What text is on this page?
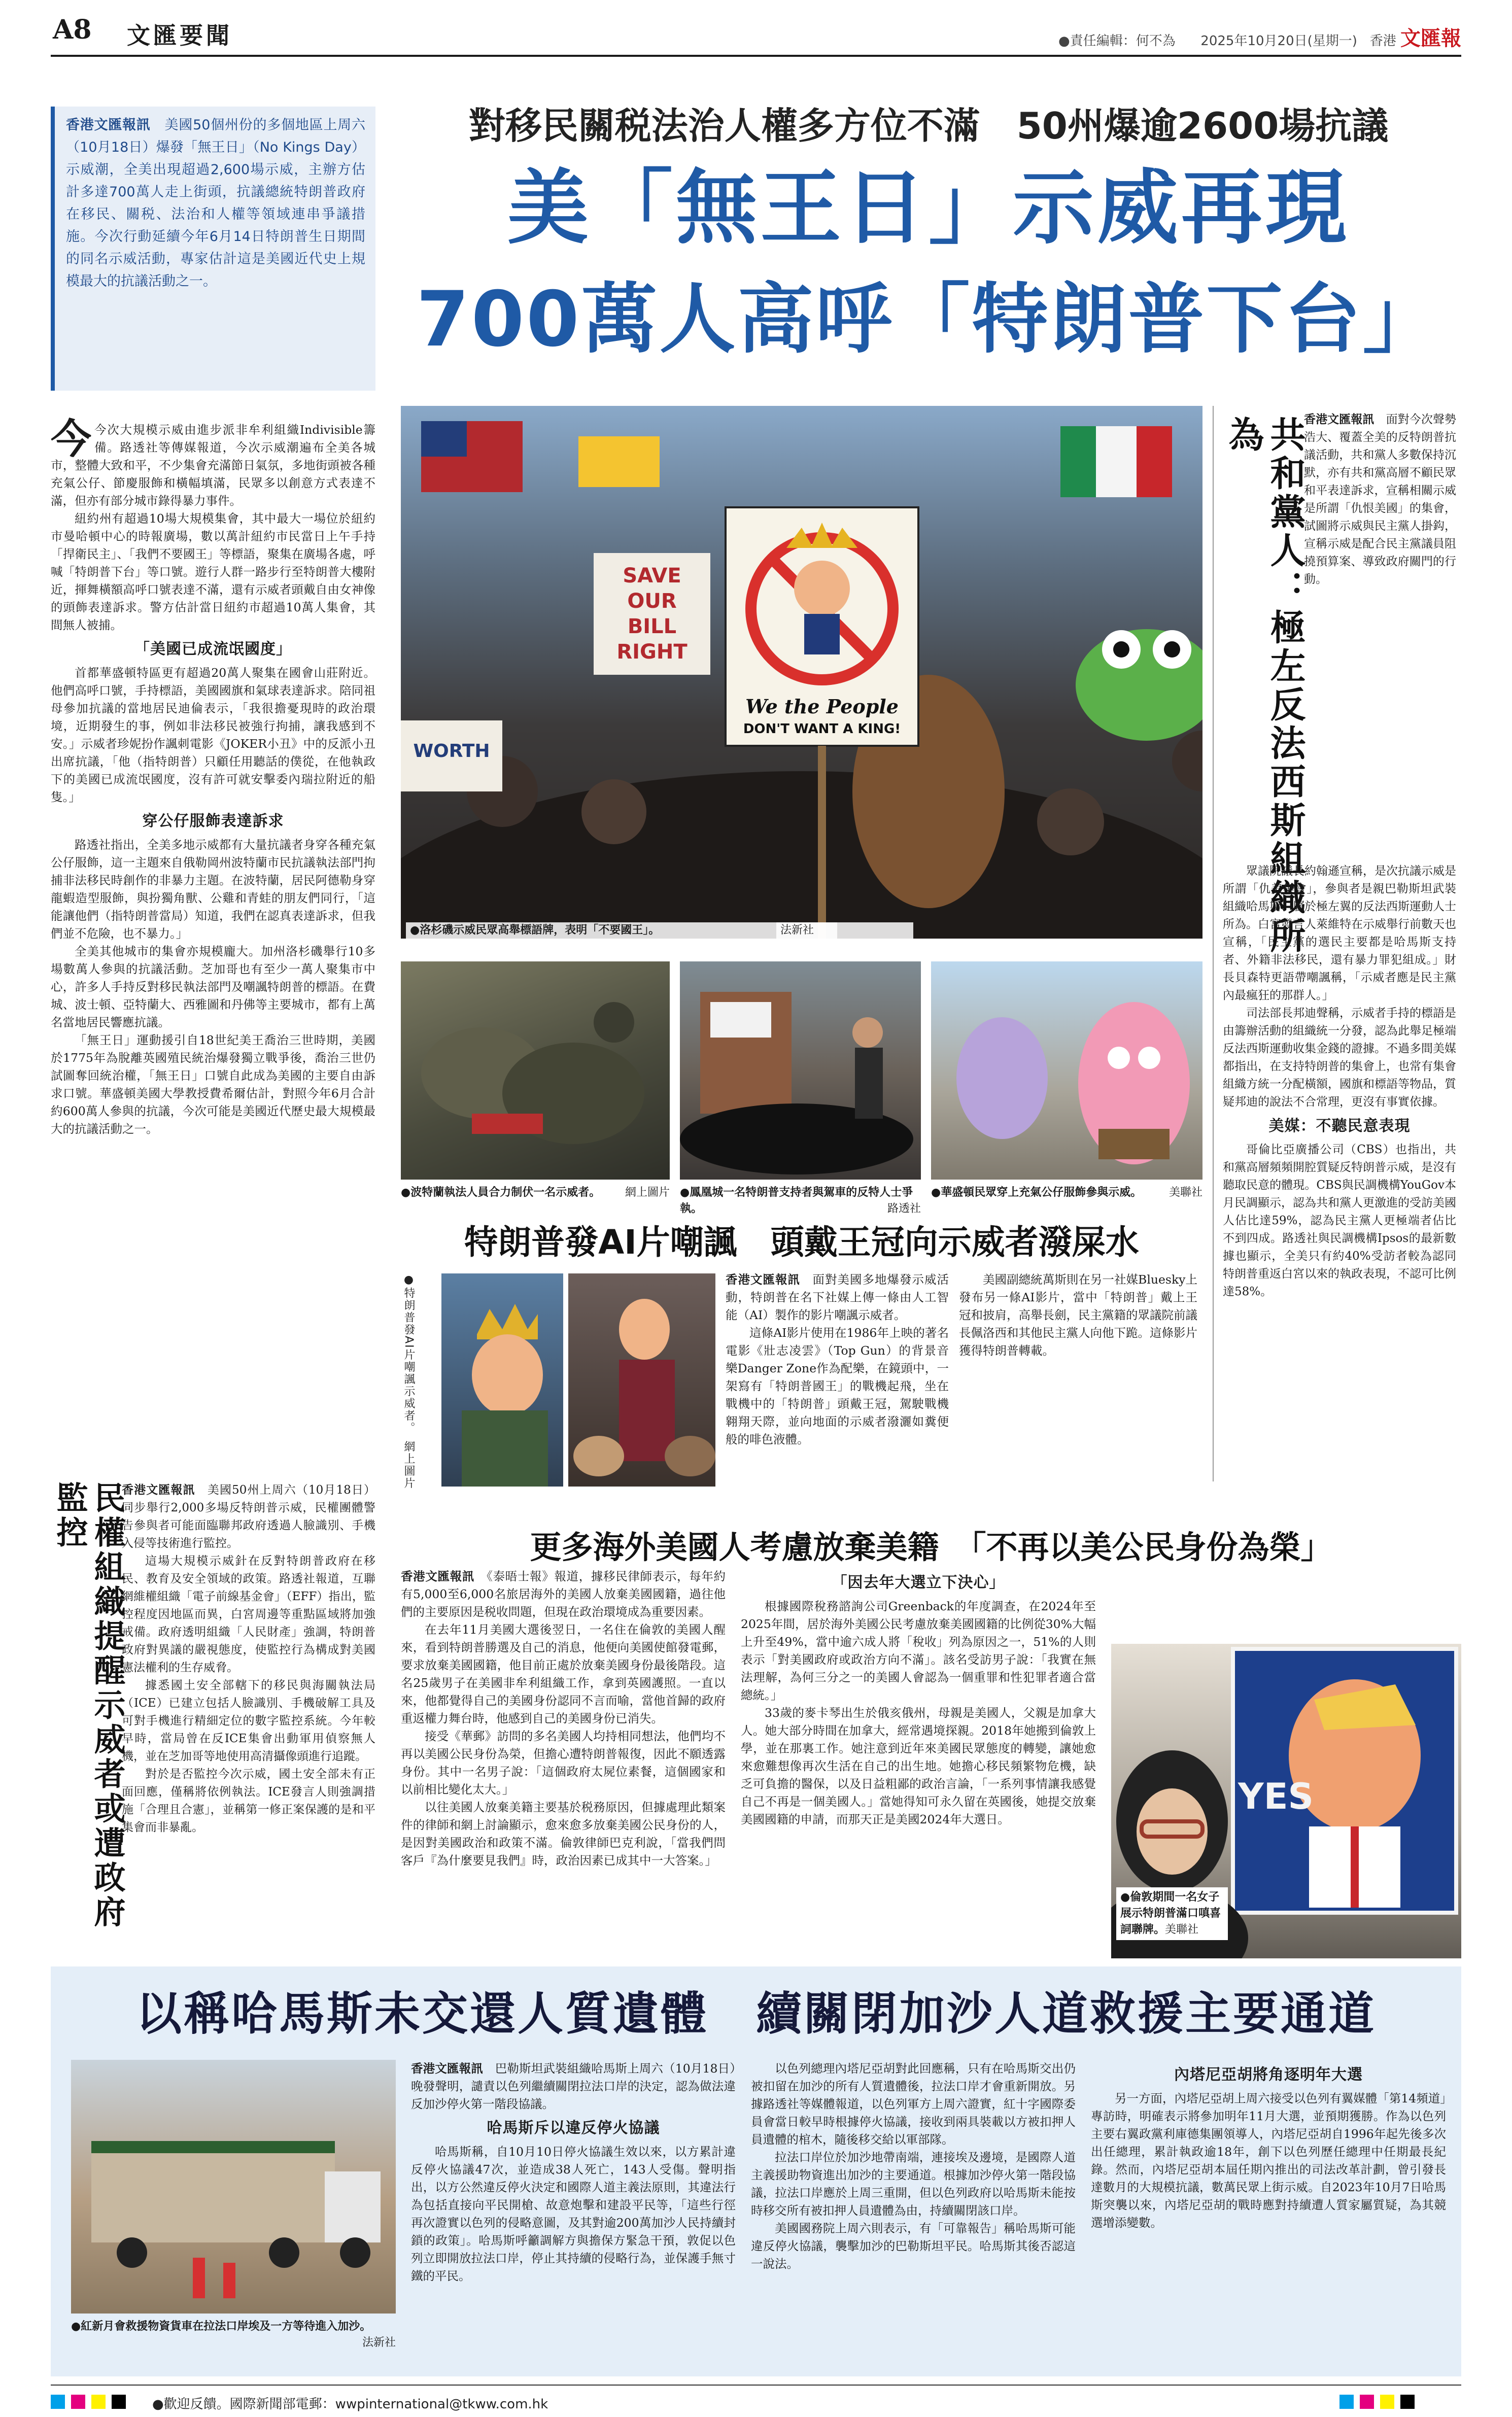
A8 文匯要聞	●責任編輯：何不為 2025年10月20日(星期一) 香港 文匯報
對移民關税法治人權多方位不滿　50州爆逾2600場抗議
美「無王日」示威再現
700萬人高呼「特朗普下台」

香港文匯報訊　 美國50個州份的多個地區上周六（10月18日）爆發「無王日」（No Kings Day）示威潮，全美出現超過2,600場示威，主辦方估計多達700萬人走上街頭，抗議總統特朗普政府在移民、關税、法治和人權等領域連串爭議措施。今次行動延續今年6月14日特朗普生日期間的同名示威活動，專家估計這是美國近代史上規模最大的抗議活動之一。

今今次大規模示威由進步派非牟利組織Indivisible籌備。路透社等傳媒報道，今次示威潮遍布全美各城市，整體大致和平，不少集會充滿節日氣氛，多地街頭被各種充氣公仔、節慶服飾和橫幅填滿，民眾多以創意方式表達不滿，但亦有部分城市錄得暴力事件。

紐約州有超過10場大規模集會，其中最大一場位於紐約市曼哈頓中心的時報廣場，數以萬計紐約市民當日上午手持「捍衛民主」、「我們不要國王」等標語，聚集在廣場各處，呼喊「特朗普下台」等口號。遊行人群一路步行至特朗普大樓附近，揮舞橫額高呼口號表達不滿，還有示威者頭戴自由女神像的頭飾表達訴求。警方估計當日紐約市超過10萬人集會，其間無人被捕。

「美國已成流氓國度」

首都華盛頓特區更有超過20萬人聚集在國會山莊附近。他們高呼口號，手持標語，美國國旗和氣球表達訴求。陪同祖母參加抗議的當地居民迪倫表示，「我很擔憂現時的政治環境，近期發生的事，例如非法移民被強行拘捕，讓我感到不安。」示威者珍妮扮作諷刺電影《JOKER小丑》中的反派小丑出席抗議，「他（指特朗普）只顧任用聽話的僕從，在他執政下的美國已成流氓國度，沒有許可就安擊委內瑞拉附近的船隻。」

穿公仔服飾表達訴求

路透社指出，全美多地示威都有大量抗議者身穿各種充氣公仔服飾，這一主題來自俄勒岡州波特蘭市民抗議執法部門拘捕非法移民時創作的非暴力主題。在波特蘭，居民阿德勒身穿龍蝦造型服飾，與扮獨角獸、公雞和青蛙的朋友們同行，「這能讓他們（指特朗普當局）知道，我們在認真表達訴求，但我們並不危險，也不暴力。」

全美其他城市的集會亦規模龐大。加州洛杉磯舉行10多場數萬人參與的抗議活動。芝加哥也有至少一萬人聚集市中心，許多人手持反對移民執法部門及嘲諷特朗普的標語。在費城、波士頓、亞特蘭大、西雅圖和丹佛等主要城市，都有上萬名當地居民響應抗議。

「無王日」運動援引自18世紀美王喬治三世時期，美國於1775年為脫離英國殖民統治爆發獨立戰爭後，喬治三世仍試圖奪回統治權，「無王日」口號自此成為美國的主要自由訴求口號。華盛頓美國大學教授費希爾估計，對照今年6月合計約600萬人參與的抗議，今次可能是美國近代歷史最大規模最大的抗議活動之一。

SAVE OUR BILL RIGHT
WORTH
We the People
DON'T WANT A KING!
●洛杉磯示威民眾高舉標語牌，表明「不要國王」。	法新社
●波特蘭執法人員合力制伏一名示威者。 網上圖片 ●鳳凰城一名特朗普支持者與駕車的反特人士爭執。	路透社
●華盛頓民眾穿上充氣公仔服飾參與示威。 美聯社
共和黨人：極左反法西斯組織所為	香港文匯報訊　 面對今次聲勢浩大、覆蓋全美的反特朗普抗議活動，共和黨人多數保持沉默，亦有共和黨高層不顧民眾和平表達訴求，宣稱相關示威是所謂「仇恨美國」的集會，試圖將示威與民主黨人掛鈎，宣稱示威是配合民主黨議員阻撓預算案、導致政府關門的行動。

眾議院議長約翰遜宣稱，是次抗議示威是所謂「仇美集會」，參與者是親巴勒斯坦武裝組織哈馬斯、屬於極左翼的反法西斯運動人士所為。白宮發言人萊維特在示威舉行前數天也宣稱，「民主黨的選民主要都是哈馬斯支持者、外籍非法移民，還有暴力罪犯組成。」財長貝森特更語帶嘲諷稱，「示威者應是民主黨內最瘋狂的那群人。」

司法部長邦迪聲稱，示威者手持的標語是由籌辦活動的組織統一分發，認為此舉足極端反法西斯運動收集金錢的證據。不過多間美媒都指出，在支持特朗普的集會上，也常有集會組織方統一分配橫額，國旗和標語等物品，質疑邦迪的說法不合常理，更沒有事實依據。

美媒：不聽民意表現

哥倫比亞廣播公司（CBS）也指出，共和黨高層頻頻開腔質疑反特朗普示威，是沒有聽取民意的體現。CBS與民調機構YouGov本月民調顯示，認為共和黨人更激進的受訪美國人佔比達59%，認為民主黨人更極端者佔比不到四成。路透社與民調機構Ipsos的最新數據也顯示，全美只有約40%受訪者較為認同特朗普重返白宮以來的執政表現，不認可比例達58%。

特朗普發AI片嘲諷　頭戴王冠向示威者潑屎水
●特朗普發AI片嘲諷示威者。　網上圖片

香港文匯報訊　 面對美國多地爆發示威活動，特朗普在名下社媒上傳一條由人工智能（AI）製作的影片嘲諷示威者。

這條AI影片使用在1986年上映的著名電影《壯志凌雲》（Top Gun）的背景音樂Danger Zone作為配樂，在鏡頭中，一架寫有「特朗普國王」的戰機起飛，坐在戰機中的「特朗普」頭戴王冠，駕駛戰機翱翔天際，並向地面的示威者潑灑如糞便般的啡色液體。

美國副總統萬斯則在另一社媒Bluesky上發布另一條AI影片，當中「特朗普」戴上王冠和披肩，高舉長劍，民主黨籍的眾議院前議長佩洛西和其他民主黨人向他下跪。這條影片獲得特朗普轉載。

民權組織提醒示威者或遭政府監控	香港文匯報訊　 美國50州上周六（10月18日）同步舉行2,000多場反特朗普示威，民權團體警告參與者可能面臨聯邦政府透過人臉識別、手機入侵等技術進行監控。

這場大規模示威針在反對特朗普政府在移民、教育及安全領域的政策。路透社報道，互聯網維權組織「電子前線基金會」（EFF）指出，監控程度因地區而異，白宮周邊等重點區域將加強戒備。政府透明組織「人民財產」強調，特朗普政府對異議的嚴視態度，使監控行為構成對美國憲法權利的生存威脅。

據悉國土安全部轄下的移民與海關執法局（ICE）已建立包括人臉識別、手機破解工具及可對手機進行精細定位的數字監控系統。今年較早時，當局曾在反ICE集會出動軍用偵察無人機，並在芝加哥等地使用高清攝像頭進行追蹤。

對於是否監控今次示威，國土安全部未有正面回應，僅稱將依例執法。ICE發言人則強調措施「合理且合憲」，並稱第一修正案保護的是和平集會而非暴亂。

更多海外美國人考慮放棄美籍　「不再以美公民身份為榮」

香港文匯報訊　 《泰晤士報》報道，據移民律師表示，每年約有5,000至6,000名旅居海外的美國人放棄美國國籍，過往他們的主要原因是税收問題，但現在政治環境成為重要因素。

在去年11月美國大選後翌日，一名住在倫敦的美國人醒來，看到特朗普勝選及自己的消息，他便向美國使館發電郵，要求放棄美國國籍，他目前正處於放棄美國身份最後階段。這名25歲男子在美國非牟利組織工作，拿到英國護照。一直以來，他都覺得自己的美國身份認同不言而喻，當他首歸的政府重返權力舞台時，他感到自己的美國身份已消失。

接受《華郵》訪問的多名美國人均持相同想法，他們均不再以美國公民身份為榮，但擔心遭特朗普報復，因此不願透露身份。其中一名男子說：「這個政府太屍位素餐，這個國家和以前相比變化太大。」

以往美國人放棄美籍主要基於税務原因，但據處理此類案件的律師和網上討論顯示，愈來愈多放棄美國公民身份的人，是因對美國政治和政策不滿。倫敦律師巴克利說，「當我們問客戶『為什麼要見我們』時，政治因素已成其中一大答案。」

「因去年大選立下決心」

根據國際稅務諮詢公司Greenback的年度調查，在2024年至2025年間，居於海外美國公民考慮放棄美國國籍的比例從30%大幅上升至49%，當中逾六成人將「稅收」列為原因之一，51%的人則表示「對美國政府或政治方向不滿」。該名受訪男子說：「我實在無法理解，為何三分之一的美國人會認為一個重罪和性犯罪者適合當總統。」

33歲的麥卡琴出生於俄亥俄州，母親是美國人，父親是加拿大人。她大部分時間在加拿大，經常遇境探親。2018年她搬到倫敦上學，並在那裏工作。她注意到近年來美國民眾態度的轉變，讓她愈來愈難想像再次生活在自己的出生地。她擔心移民頻繁物危機，缺乏可負擔的醫保，以及日益粗鄙的政治言論，「一系列事情讓我感覺自己不再是一個美國人。」當她得知可永久留在英國後，她提交放棄美國國籍的申請，而那天正是美國2024年大選日。

YES
●倫敦期間一名女子展示特朗普滿口嗔喜詞聯牌。美聯社
以稱哈馬斯未交還人質遺體　續關閉加沙人道救援主要通道
●紅新月會救援物資貨車在拉法口岸埃及一方等待進入加沙。
法新社

香港文匯報訊　 巴勒斯坦武裝組織哈馬斯上周六（10月18日）晚發聲明，譴責以色列繼續關閉拉法口岸的決定，認為做法違反加沙停火第一階段協議。

哈馬斯斥以違反停火協議

哈馬斯稱，自10月10日停火協議生效以來，以方累計違反停火協議47次，並造成38人死亡，143人受傷。聲明指出，以方公然違反停火決定和國際人道主義法原則，其違法行為包括直接向平民開槍、故意炮擊和建設平民等，「這些行徑再次證實以色列的侵略意圖，及其對逾200萬加沙人民持續封鎖的政策」。哈馬斯呼籲調解方與擔保方緊急干預，敦促以色列立即開放拉法口岸，停止其持續的侵略行為，並保護手無寸鐵的平民。

以色列總理內塔尼亞胡對此回應稱，只有在哈馬斯交出仍被扣留在加沙的所有人質遺體後，拉法口岸才會重新開放。另據路透社等媒體報道，以色列軍方上周六證實，紅十字國際委員會當日較早時根據停火協議，接收到兩具裝載以方被扣押人員遺體的棺木，隨後移交給以軍部隊。

拉法口岸位於加沙地帶南端，連接埃及邊境，是國際人道主義援助物資進出加沙的主要通道。根據加沙停火第一階段協議，拉法口岸應於上周三重開，但以色列政府以哈馬斯未能按時移交所有被扣押人員遺體為由，持續關閉該口岸。

美國國務院上周六則表示，有「可靠報告」稱哈馬斯可能違反停火協議，襲擊加沙的巴勒斯坦平民。哈馬斯其後否認這一說法。

內塔尼亞胡將角逐明年大選

另一方面，內塔尼亞胡上周六接受以色列有翼媒體「第14頻道」專訪時，明確表示將參加明年11月大選，並預期獲勝。作為以色列主要右翼政黨利庫德集團領導人，內塔尼亞胡自1996年起先後多次出任總理，累計執政逾18年，創下以色列歷任總理中任期最長紀錄。然而，內塔尼亞胡本屆任期內推出的司法改革計劃，曾引發長達數月的大規模抗議，數萬民眾上街示威。自2023年10月7日哈馬斯突襲以來，內塔尼亞胡的戰時應對持續遭人質家屬質疑，為其競選增添變數。

●歡迎反饋。國際新聞部電郵：wwpinternational@tkww.com.hk
